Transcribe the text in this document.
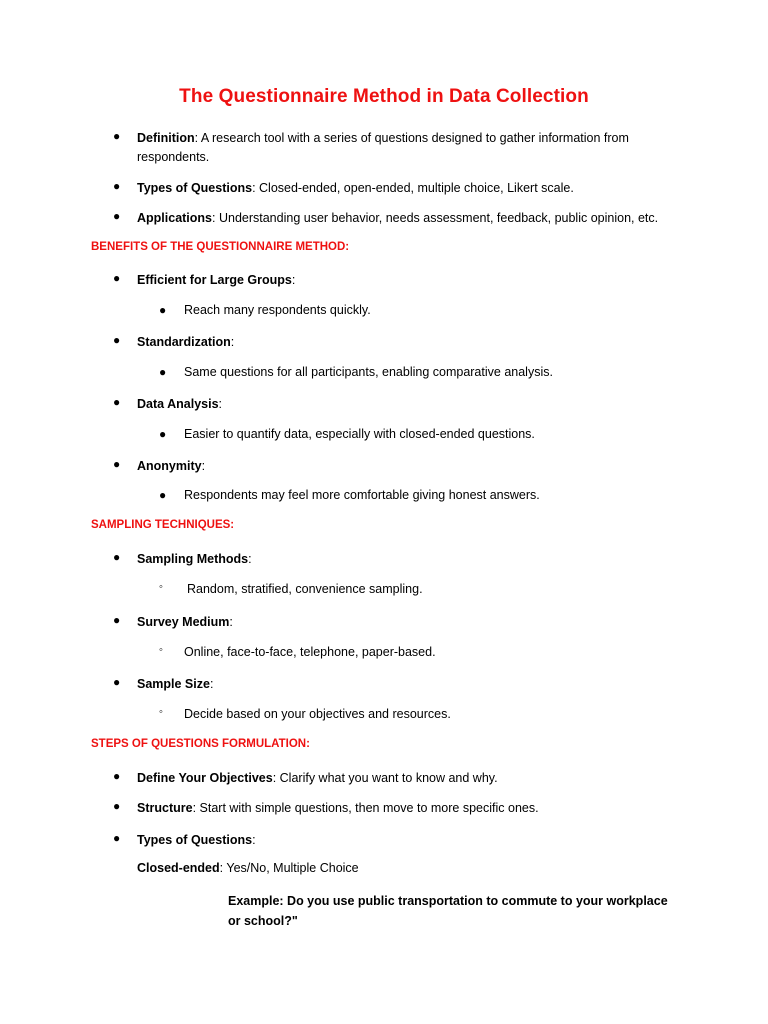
The Questionnaire Method in Data Collection
● Definition: A research tool with a series of questions designed to gather information from respondents.
● Types of Questions: Closed-ended, open-ended, multiple choice, Likert scale.
● Applications: Understanding user behavior, needs assessment, feedback, public opinion, etc.
BENEFITS OF THE QUESTIONNAIRE METHOD:
● Efficient for Large Groups:
● Reach many respondents quickly.
● Standardization:
● Same questions for all participants, enabling comparative analysis.
● Data Analysis:
● Easier to quantify data, especially with closed-ended questions.
● Anonymity:
● Respondents may feel more comfortable giving honest answers.
SAMPLING TECHNIQUES:
● Sampling Methods:
◦ Random, stratified, convenience sampling.
● Survey Medium:
◦ Online, face-to-face, telephone, paper-based.
● Sample Size:
◦ Decide based on your objectives and resources.
STEPS OF QUESTIONS FORMULATION:
● Define Your Objectives: Clarify what you want to know and why.
● Structure: Start with simple questions, then move to more specific ones.
● Types of Questions:
Closed-ended: Yes/No, Multiple Choice
Example: Do you use public transportation to commute to your workplace or school?"
